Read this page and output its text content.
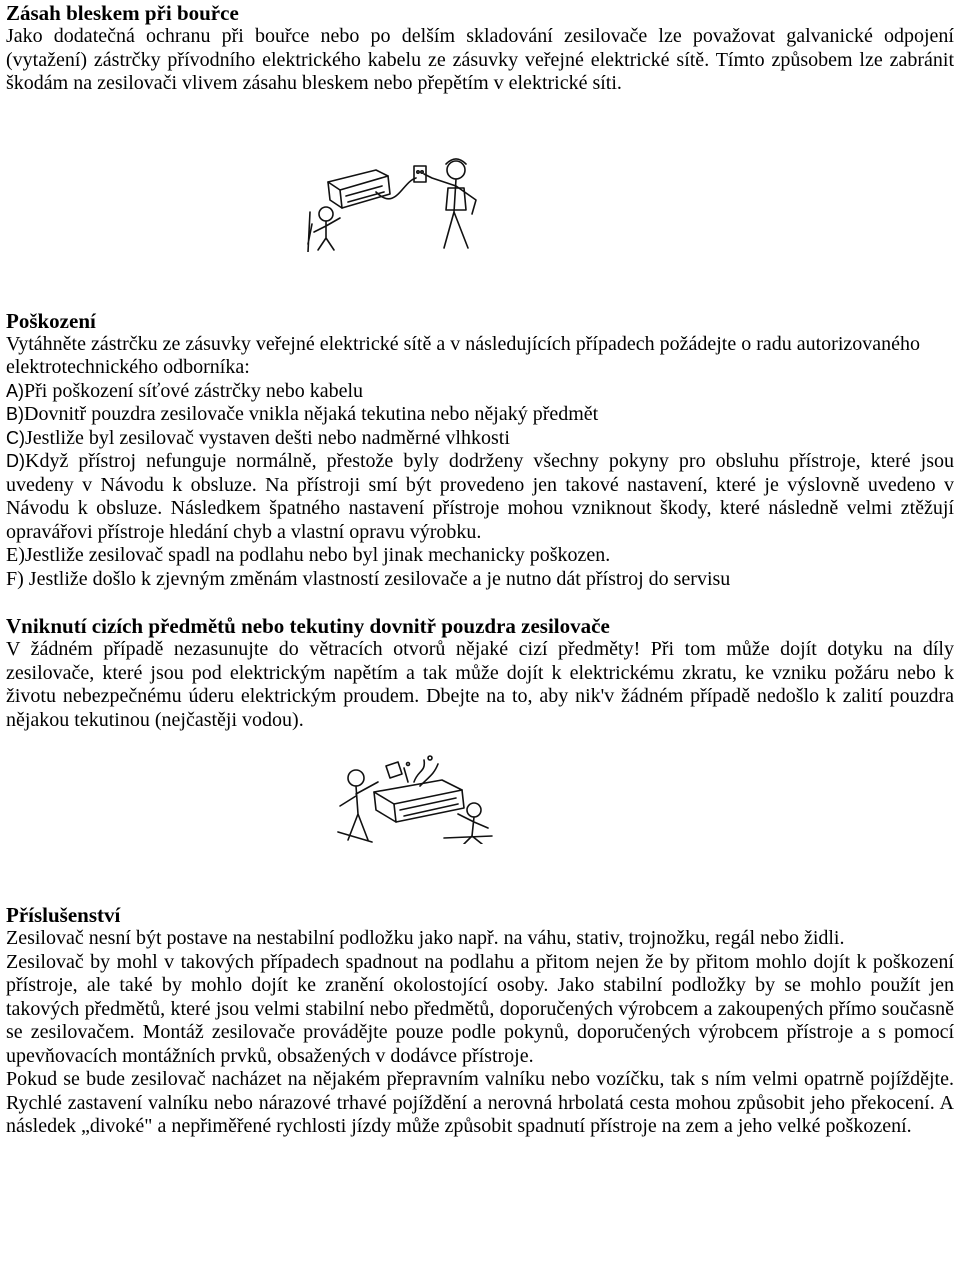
Zásah bleskem při bouřce

Jako dodatečná ochranu při bouřce nebo po delším skladování zesilovače lze považovat galvanické odpojení (vytažení) zástrčky přívodního elektrického kabelu ze zásuvky veřejné elektrické sítě. Tímto způsobem lze zabránit škodám na zesilovači vlivem zásahu bleskem nebo přepětím v elektrické síti.

Poškození

Vytáhněte zástrčku ze zásuvky veřejné elektrické sítě a v následujících případech požádejte o radu autorizovaného elektrotechnického odborníka:

A)Při poškození síťové zástrčky nebo kabelu

B)Dovnitř pouzdra zesilovače vnikla nějaká tekutina nebo nějaký předmět

C)Jestliže byl zesilovač vystaven dešti nebo nadměrné vlhkosti

D)Když přístroj nefunguje normálně, přestože byly dodrženy všechny pokyny pro obsluhu přístroje, které jsou uvedeny v Návodu k obsluze. Na přístroji smí být provedeno jen takové nastavení, které je výslovně uvedeno v Návodu k obsluze. Následkem špatného nastavení přístroje mohou vzniknout škody, které následně velmi ztěžují opravářovi přístroje hledání chyb a vlastní opravu výrobku.

E)Jestliže zesilovač spadl na podlahu nebo byl jinak mechanicky poškozen.

F) Jestliže došlo k zjevným změnám vlastností zesilovače a je nutno dát přístroj do servisu

Vniknutí cizích předmětů nebo tekutiny dovnitř pouzdra zesilovače

V žádném případě nezasunujte do větracích otvorů nějaké cizí předměty! Při tom může dojít dotyku na díly zesilovače, které jsou pod elektrickým napětím a tak může dojít k elektrickému zkratu, ke vzniku požáru nebo k životu nebezpečnému úderu elektrickým proudem. Dbejte na to, aby nik'v žádném případě nedošlo k zalití pouzdra nějakou tekutinou (nejčastěji vodou).

Příslušenství

Zesilovač nesní být postave na nestabilní podložku jako např. na váhu, stativ, trojnožku, regál nebo židli.

Zesilovač by mohl v takových případech spadnout na podlahu a přitom nejen že by přitom mohlo dojít k poškození přístroje, ale také by mohlo dojít ke zranění okolostojící osoby. Jako stabilní podložky by se mohlo použít jen takových předmětů, které jsou velmi stabilní nebo předmětů, doporučených výrobcem a zakoupených přímo současně se zesilovačem. Montáž zesilovače provádějte pouze podle pokynů, doporučených výrobcem přístroje a s pomocí upevňovacích montážních prvků, obsažených v dodávce přístroje.

Pokud se bude zesilovač nacházet na nějakém přepravním valníku nebo vozíčku, tak s ním velmi opatrně pojíždějte. Rychlé zastavení valníku nebo nárazové trhavé pojíždění a nerovná hrbolatá cesta mohou způsobit jeho překocení. A následek „divoké" a nepřiměřené rychlosti jízdy může způsobit spadnutí přístroje na zem a jeho velké poškození.
